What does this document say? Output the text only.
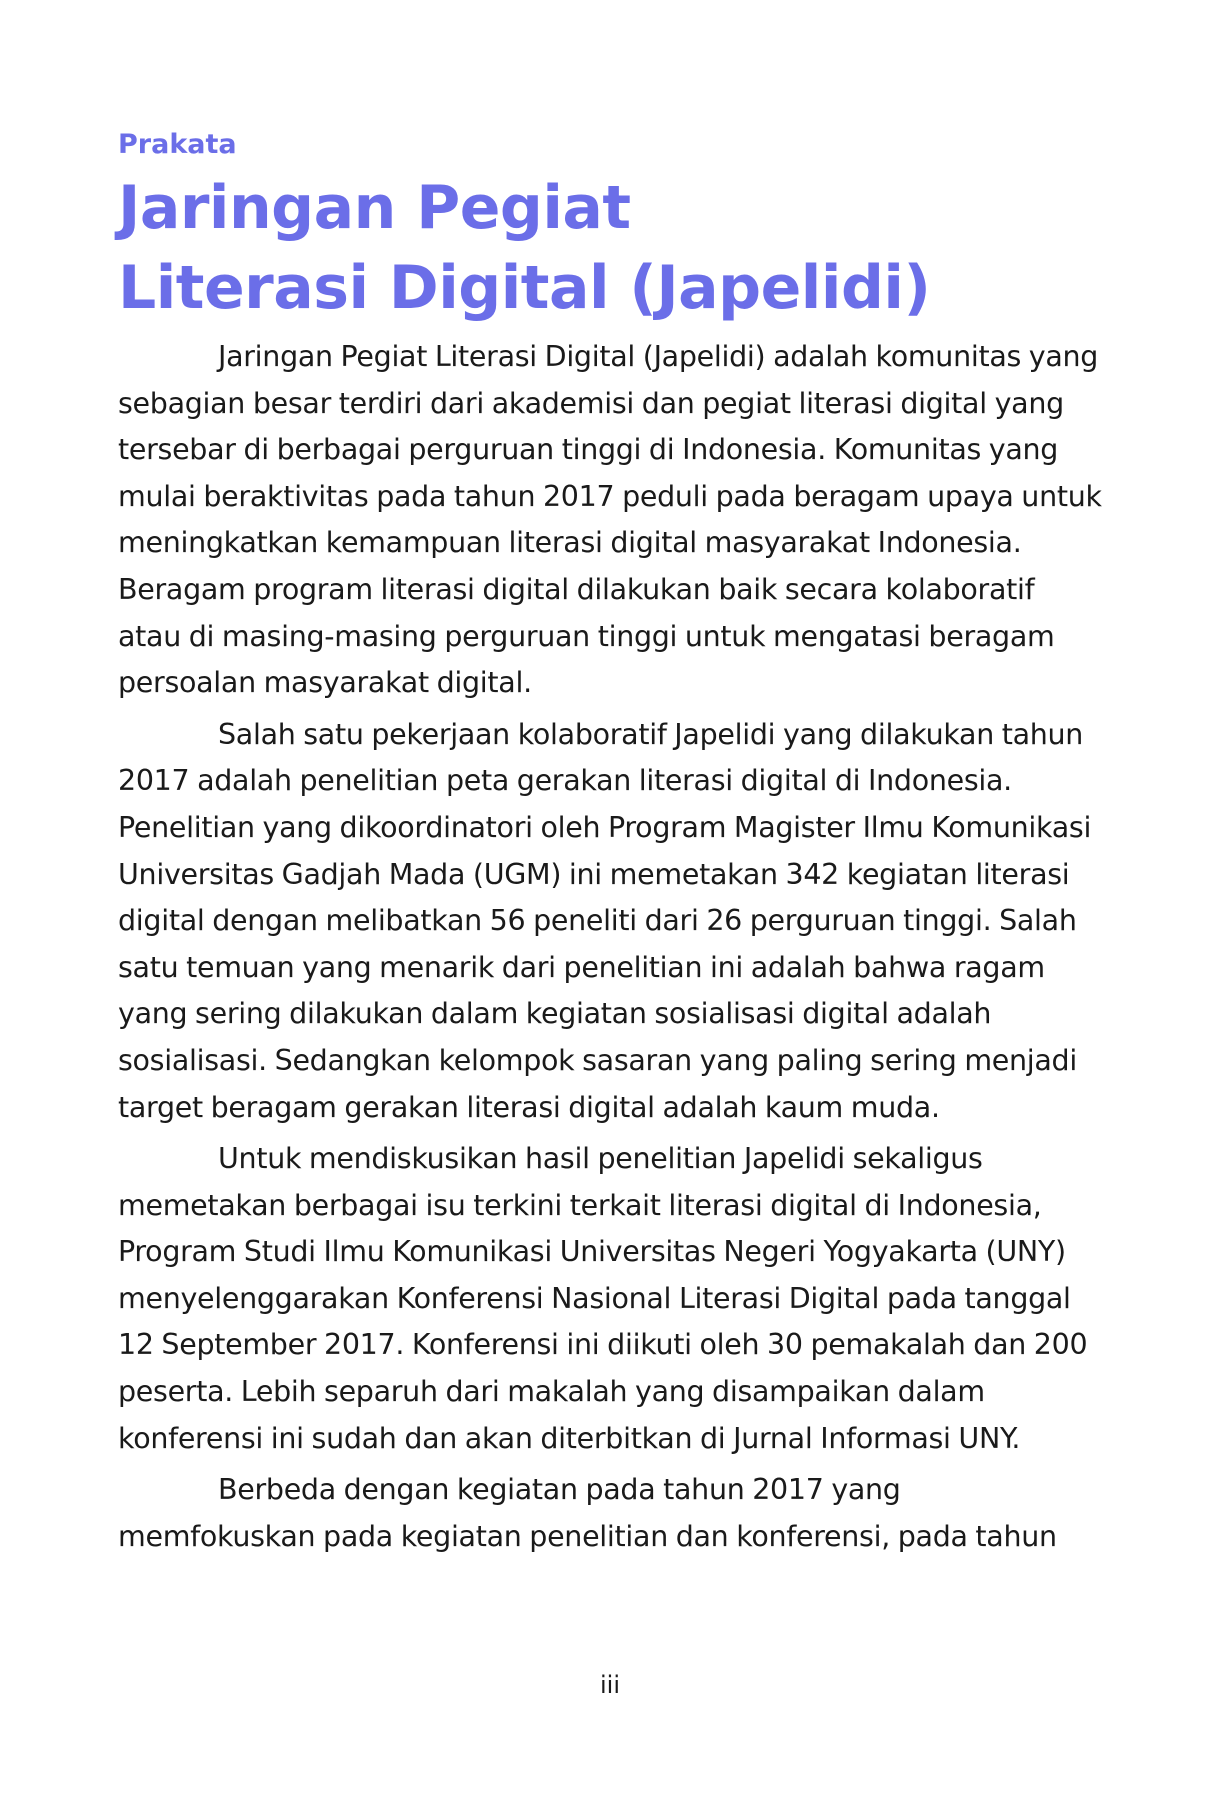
Prakata
Jaringan Pegiat
Literasi Digital (Japelidi)

Jaringan Pegiat Literasi Digital (Japelidi) adalah komunitas yang sebagian besar terdiri dari akademisi dan pegiat literasi digital yang tersebar di berbagai perguruan tinggi di Indonesia. Komunitas yang mulai beraktivitas pada tahun 2017 peduli pada beragam upaya untuk meningkatkan kemampuan literasi digital masyarakat Indonesia. Beragam program literasi digital dilakukan baik secara kolaboratif atau di masing-masing perguruan tinggi untuk mengatasi beragam persoalan masyarakat digital.

Salah satu pekerjaan kolaboratif Japelidi yang dilakukan tahun 2017 adalah penelitian peta gerakan literasi digital di Indonesia. Penelitian yang dikoordinatori oleh Program Magister Ilmu Komunikasi Universitas Gadjah Mada (UGM) ini memetakan 342 kegiatan literasi digital dengan melibatkan 56 peneliti dari 26 perguruan tinggi. Salah satu temuan yang menarik dari penelitian ini adalah bahwa ragam yang sering dilakukan dalam kegiatan sosialisasi digital adalah sosialisasi. Sedangkan kelompok sasaran yang paling sering menjadi target beragam gerakan literasi digital adalah kaum muda.

Untuk mendiskusikan hasil penelitian Japelidi sekaligus memetakan berbagai isu terkini terkait literasi digital di Indonesia, Program Studi Ilmu Komunikasi Universitas Negeri Yogyakarta (UNY) menyelenggarakan Konferensi Nasional Literasi Digital pada tanggal 12 September 2017. Konferensi ini diikuti oleh 30 pemakalah dan 200 peserta. Lebih separuh dari makalah yang disampaikan dalam konferensi ini sudah dan akan diterbitkan di Jurnal Informasi UNY.

Berbeda dengan kegiatan pada tahun 2017 yang memfokuskan pada kegiatan penelitian dan konferensi, pada tahun

iii
